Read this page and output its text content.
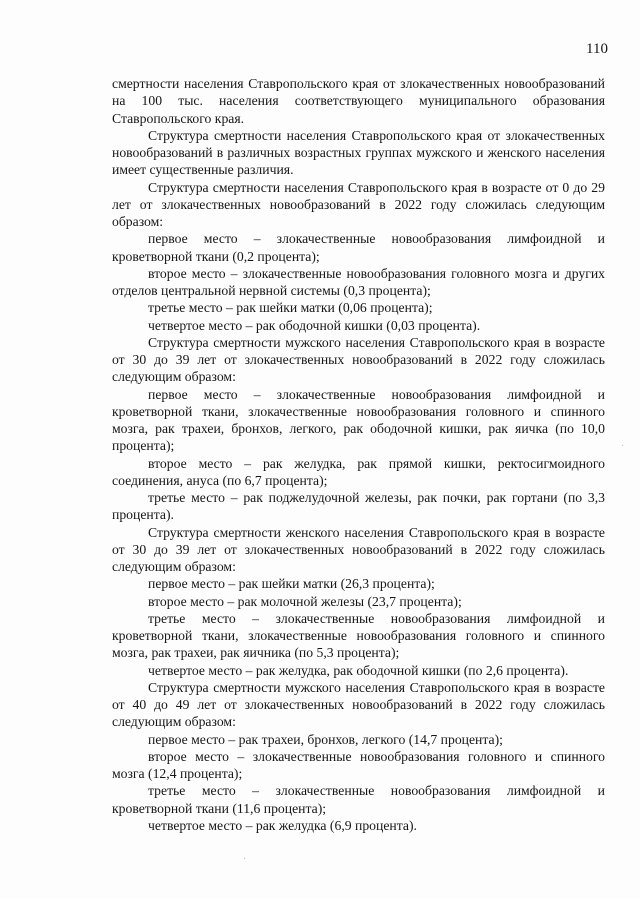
110

смертности населения Ставропольского края от злокачественных новообразований на 100 тыс. населения соответствующего муниципального образования Ставропольского края.

Структура смертности населения Ставропольского края от злокачественных новообразований в различных возрастных группах мужского и женского населения имеет существенные различия.

Структура смертности населения Ставропольского края в возрасте от 0 до 29 лет от злокачественных новообразований в 2022 году сложилась следующим образом:

первое место – злокачественные новообразования лимфоидной и кроветворной ткани (0,2 процента);

второе место – злокачественные новообразования головного мозга и других отделов центральной нервной системы (0,3 процента);

третье место – рак шейки матки (0,06 процента);

четвертое место – рак ободочной кишки (0,03 процента).

Структура смертности мужского населения Ставропольского края в возрасте от 30 до 39 лет от злокачественных новообразований в 2022 году сложилась следующим образом:

первое место – злокачественные новообразования лимфоидной и кроветворной ткани, злокачественные новообразования головного и спинного мозга, рак трахеи, бронхов, легкого, рак ободочной кишки, рак яичка (по 10,0 процента);

второе место – рак желудка, рак прямой кишки, ректосигмоидного соединения, ануса (по 6,7 процента);

третье место – рак поджелудочной железы, рак почки, рак гортани (по 3,3 процента).

Структура смертности женского населения Ставропольского края в возрасте от 30 до 39 лет от злокачественных новообразований в 2022 году сложилась следующим образом:

первое место – рак шейки матки (26,3 процента);

второе место – рак молочной железы (23,7 процента);

третье место – злокачественные новообразования лимфоидной и кроветворной ткани, злокачественные новообразования головного и спинного мозга, рак трахеи, рак яичника (по 5,3 процента);

четвертое место – рак желудка, рак ободочной кишки (по 2,6 процента).

Структура смертности мужского населения Ставропольского края в возрасте от 40 до 49 лет от злокачественных новообразований в 2022 году сложилась следующим образом:

первое место – рак трахеи, бронхов, легкого (14,7 процента);

второе место – злокачественные новообразования головного и спинного мозга (12,4 процента);

третье место – злокачественные новообразования лимфоидной и кроветворной ткани (11,6 процента);

четвертое место – рак желудка (6,9 процента).

·
·
